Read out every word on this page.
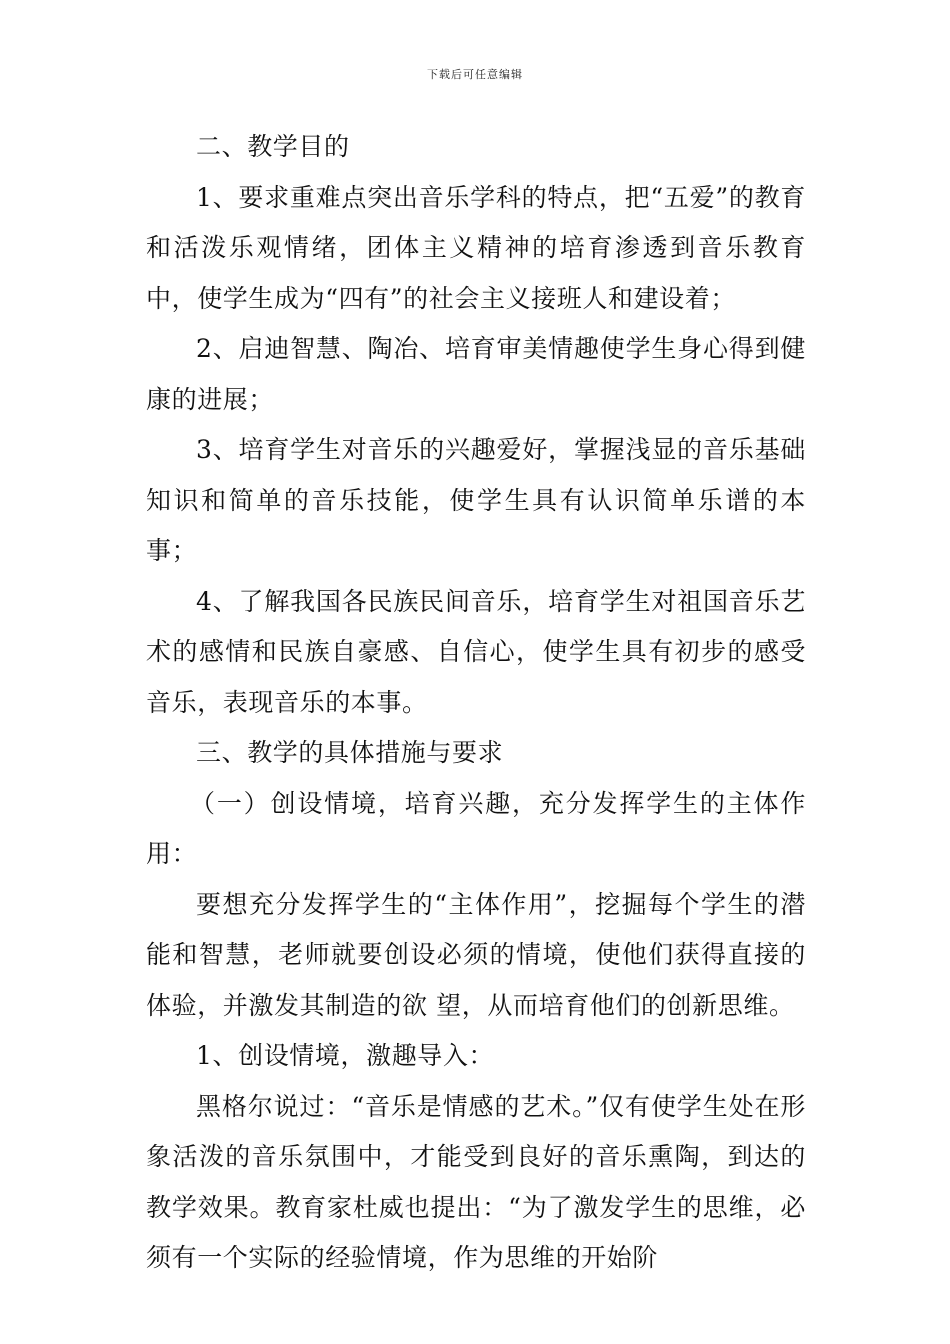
下载后可任意编辑

二、教学目的

1、要求重难点突出音乐学科的特点，把“五爱”的教育和活泼乐观情绪，团体主义精神的培育渗透到音乐教育中，使学生成为“四有”的社会主义接班人和建设着；

2、启迪智慧、陶冶、培育审美情趣使学生身心得到健康的进展；

3、培育学生对音乐的兴趣爱好，掌握浅显的音乐基础知识和简单的音乐技能，使学生具有认识简单乐谱的本事；

4、了解我国各民族民间音乐，培育学生对祖国音乐艺术的感情和民族自豪感、自信心，使学生具有初步的感受音乐，表现音乐的本事。

三、教学的具体措施与要求

（一）创设情境，培育兴趣，充分发挥学生的主体作用：

要想充分发挥学生的“主体作用”，挖掘每个学生的潜能和智慧，老师就要创设必须的情境，使他们获得直接的体验，并激发其制造的欲 望，从而培育他们的创新思维。

1、创设情境，激趣导入：

黑格尔说过：“音乐是情感的艺术。”仅有使学生处在形象活泼的音乐氛围中，才能受到良好的音乐熏陶，到达的教学效果。教育家杜威也提出：“为了激发学生的思维，必须有一个实际的经验情境，作为思维的开始阶
